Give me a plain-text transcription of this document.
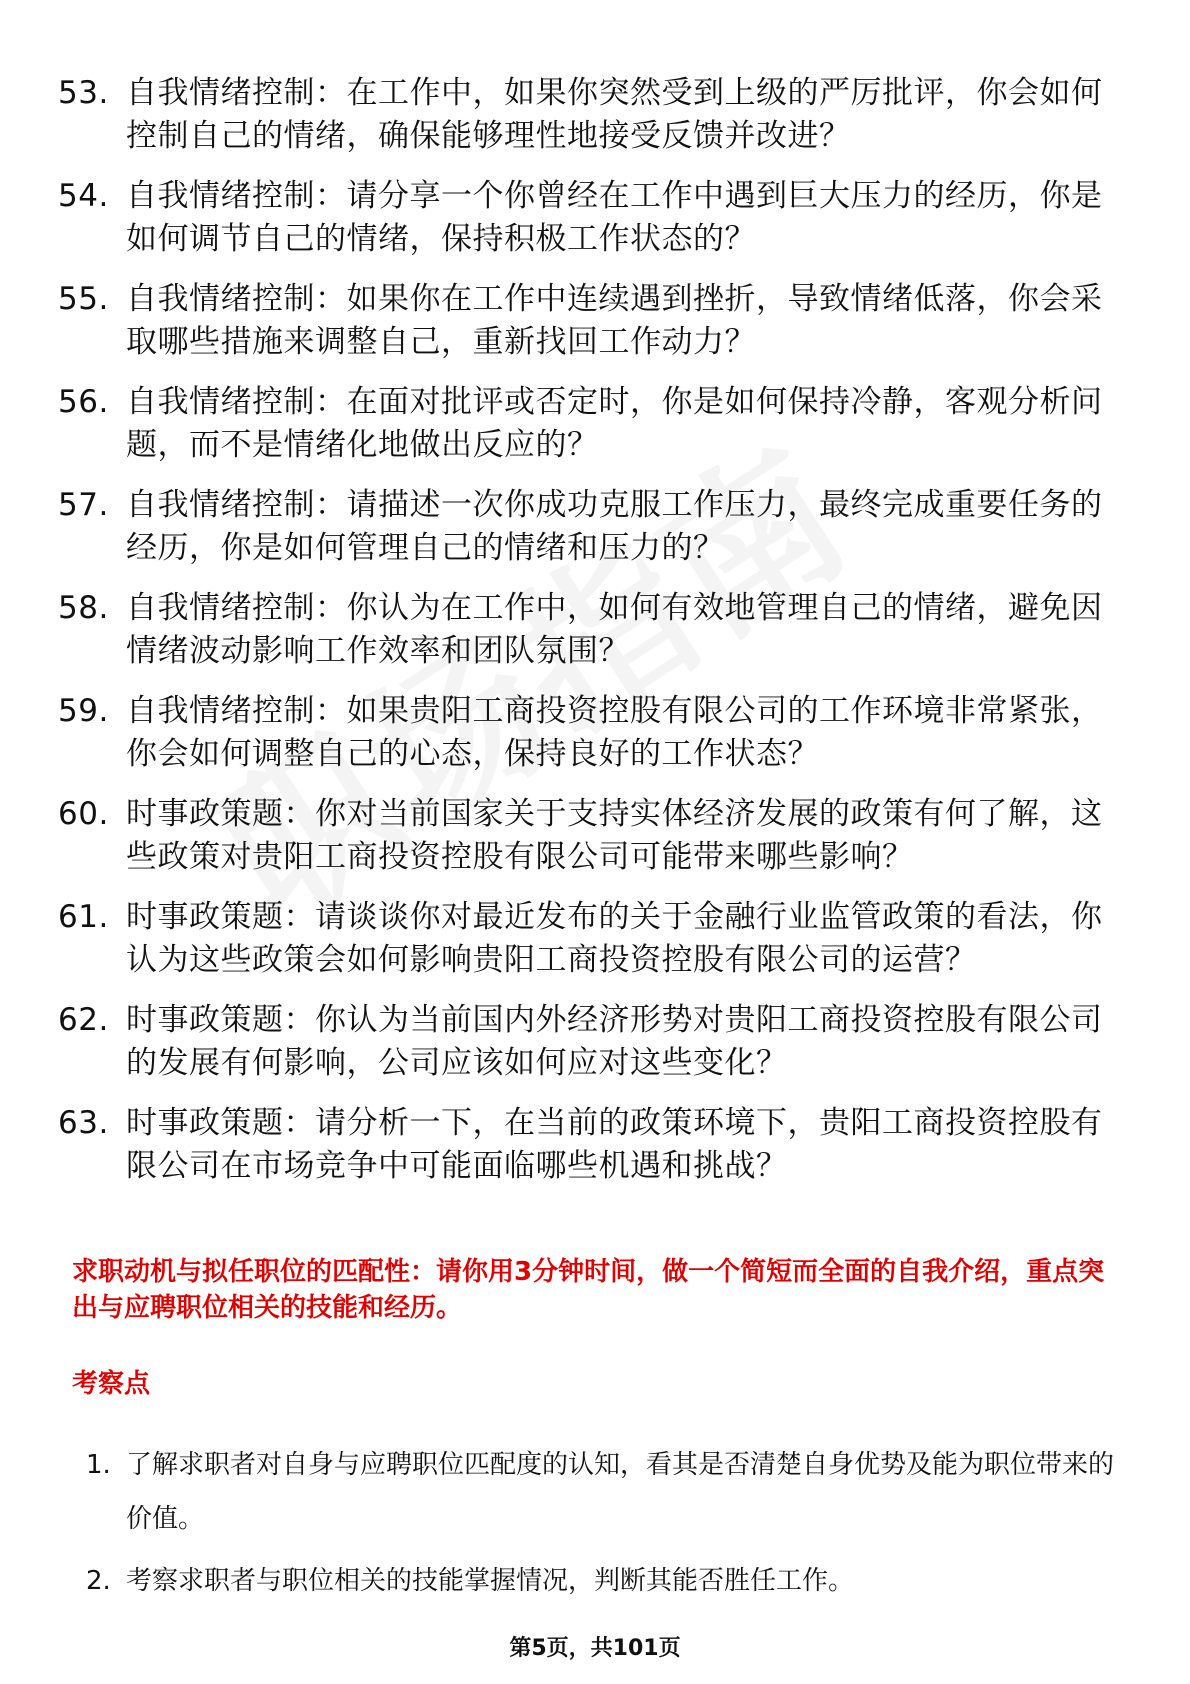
53. 自我情绪控制：在工作中，如果你突然受到上级的严厉批评，你会如何控制自己的情绪，确保能够理性地接受反馈并改进？
54. 自我情绪控制：请分享一个你曾经在工作中遇到巨大压力的经历，你是如何调节自己的情绪，保持积极工作状态的？
55. 自我情绪控制：如果你在工作中连续遇到挫折，导致情绪低落，你会采取哪些措施来调整自己，重新找回工作动力？
56. 自我情绪控制：在面对批评或否定时，你是如何保持冷静，客观分析问题，而不是情绪化地做出反应的？
57. 自我情绪控制：请描述一次你成功克服工作压力，最终完成重要任务的经历，你是如何管理自己的情绪和压力的？
58. 自我情绪控制：你认为在工作中，如何有效地管理自己的情绪，避免因情绪波动影响工作效率和团队氛围？
59. 自我情绪控制：如果贵阳工商投资控股有限公司的工作环境非常紧张，你会如何调整自己的心态，保持良好的工作状态？
60. 时事政策题：你对当前国家关于支持实体经济发展的政策有何了解，这些政策对贵阳工商投资控股有限公司可能带来哪些影响？
61. 时事政策题：请谈谈你对最近发布的关于金融行业监管政策的看法，你认为这些政策会如何影响贵阳工商投资控股有限公司的运营？
62. 时事政策题：你认为当前国内外经济形势对贵阳工商投资控股有限公司的发展有何影响，公司应该如何应对这些变化？
63. 时事政策题：请分析一下，在当前的政策环境下，贵阳工商投资控股有限公司在市场竞争中可能面临哪些机遇和挑战？
求职动机与拟任职位的匹配性：请你用3分钟时间，做一个简短而全面的自我介绍，重点突出与应聘职位相关的技能和经历。
考察点
1. 了解求职者对自身与应聘职位匹配度的认知，看其是否清楚自身优势及能为职位带来的价值。
2. 考察求职者与职位相关的技能掌握情况，判断其能否胜任工作。
第5页，共101页
